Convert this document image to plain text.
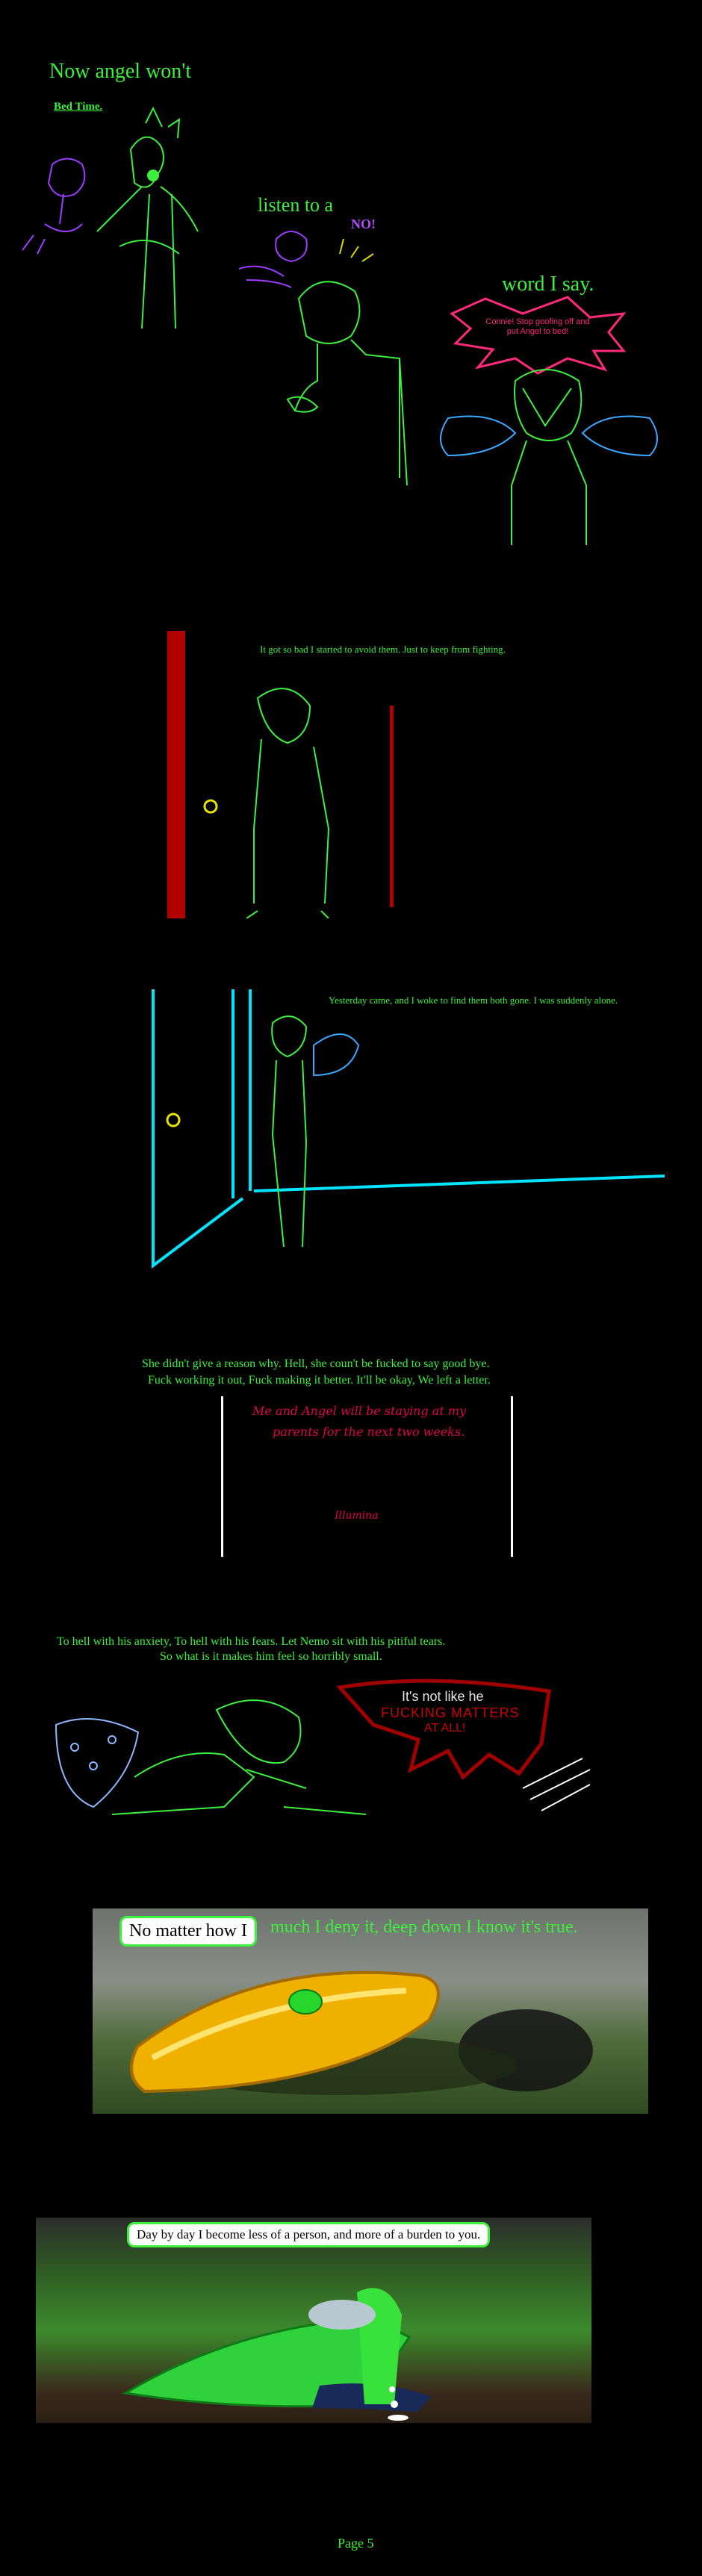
Now angel won't
Bed Time.
listen to a
NO!
word I say.
Connie! Stop goofing off and put Angel to bed!
It got so bad I started to avoid them. Just to keep from fighting.
Yesterday came, and I woke to find them both gone. I was suddenly alone.
She didn't give a reason why. Hell, she coun't be fucked to say good bye.
Fuck working it out, Fuck making it better. It'll be okay, We left a letter.
Me and Angel will be staying at my
parents for the next two weeks.
Illumina
To hell with his anxiety, To hell with his fears. Let Nemo sit with his pitiful tears.
So what is it makes him feel so horribly small.
It's not like he
FUCKING MATTERS
AT ALL!
No matter how I	much I deny it, deep down I know it's true.
Day by day I become less of a person, and more of a burden to you.
Page 5
